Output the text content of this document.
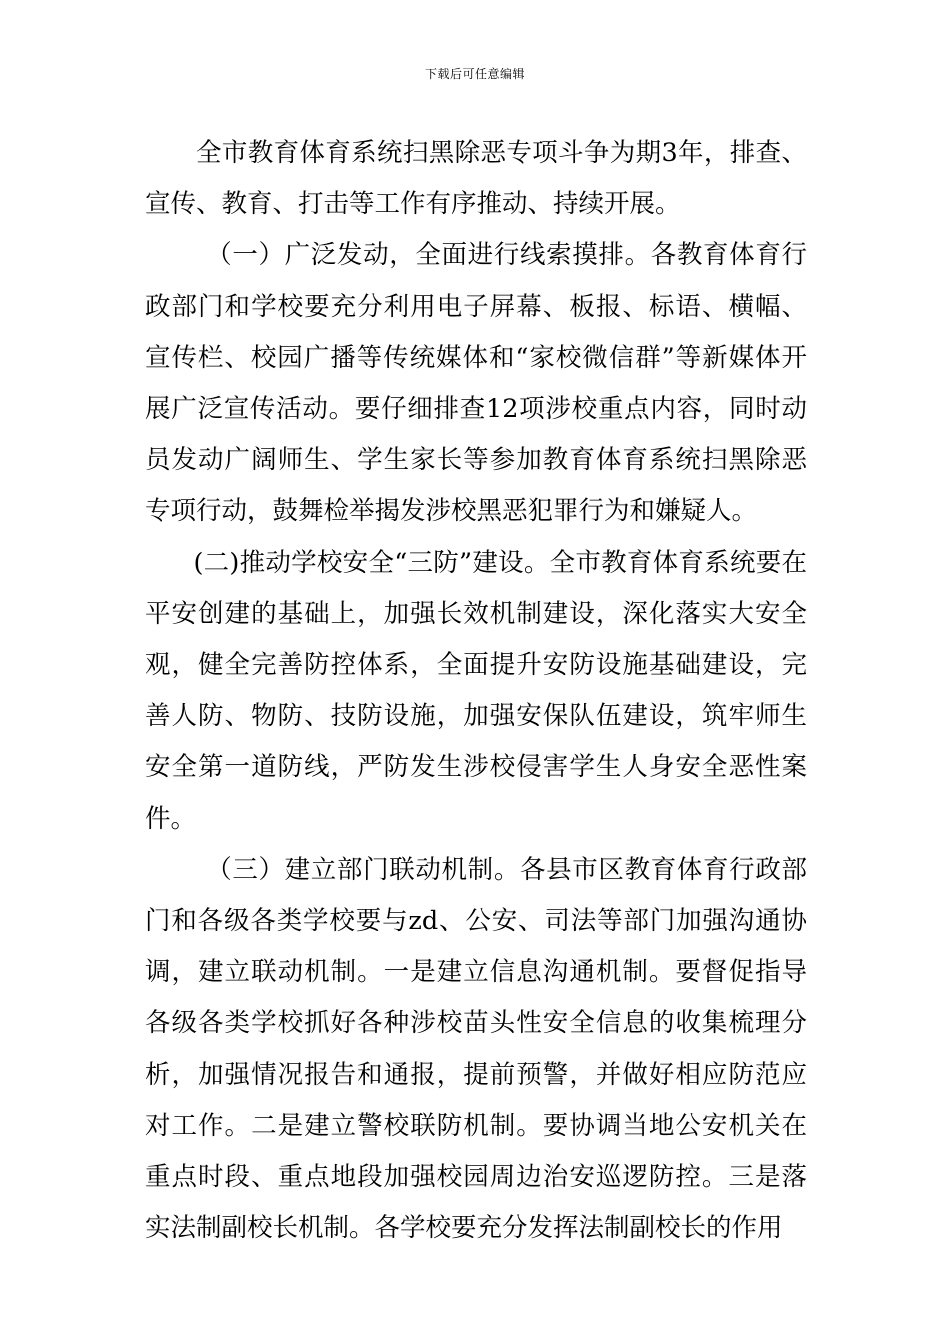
下载后可任意编辑

全市教育体育系统扫黑除恶专项斗争为期3年，排查、宣传、教育、打击等工作有序推动、持续开展。

（一）广泛发动，全面进行线索摸排。各教育体育行政部门和学校要充分利用电子屏幕、板报、标语、横幅、宣传栏、校园广播等传统媒体和“家校微信群”等新媒体开展广泛宣传活动。要仔细排查12项涉校重点内容，同时动员发动广阔师生、学生家长等参加教育体育系统扫黑除恶专项行动，鼓舞检举揭发涉校黑恶犯罪行为和嫌疑人。

(二)推动学校安全“三防”建设。全市教育体育系统要在平安创建的基础上，加强长效机制建设，深化落实大安全观，健全完善防控体系，全面提升安防设施基础建设，完善人防、物防、技防设施，加强安保队伍建设，筑牢师生安全第一道防线，严防发生涉校侵害学生人身安全恶性案件。

（三）建立部门联动机制。各县市区教育体育行政部门和各级各类学校要与zd、公安、司法等部门加强沟通协调，建立联动机制。一是建立信息沟通机制。要督促指导各级各类学校抓好各种涉校苗头性安全信息的收集梳理分析，加强情况报告和通报，提前预警，并做好相应防范应对工作。二是建立警校联防机制。要协调当地公安机关在重点时段、重点地段加强校园周边治安巡逻防控。三是落实法制副校长机制。各学校要充分发挥法制副校长的作用
